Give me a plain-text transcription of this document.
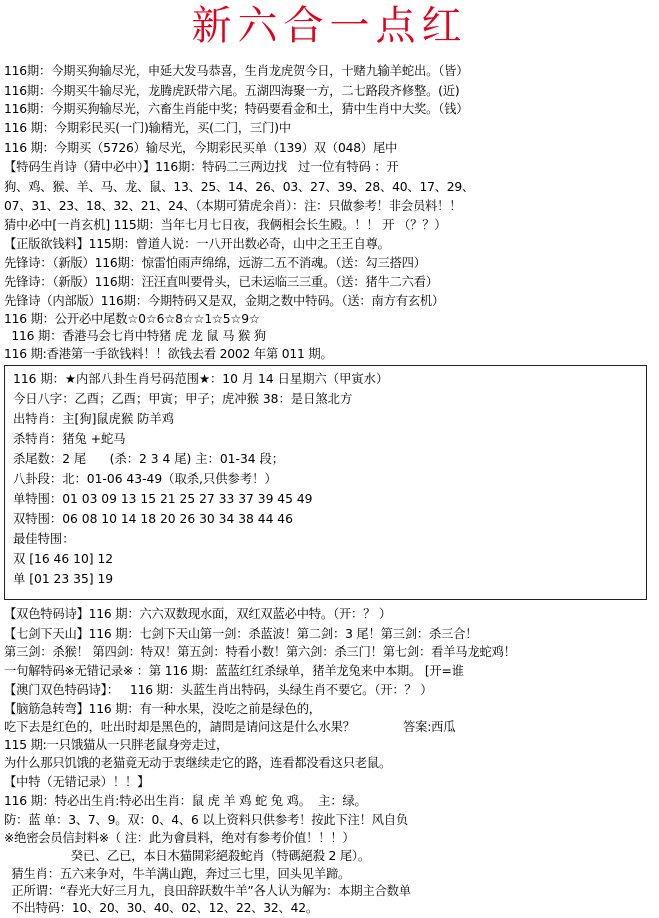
新六合一点红
116期：今期买狗输尽光，申延大发马恭喜，生肖龙虎贺今日，十赌九输羊蛇出。（皆）
116期：今期买牛输尽光，龙腾虎跃带六尾。五湖四海聚一方，二七路段齐修整。(近)
116期：今期买狗输尽光，六畜生肖能中奖；特码要看金和土，猜中生肖中大奖。（钱）
116 期：今期彩民买(一门)输精光，买(二门，三门)中
116 期：今期买（5726）输尽光，今期彩民买单（139）双（048）尾中
【特码生肖诗（猜中必中）】116期：特码二三两边找   过一位有特码 ：开
狗、鸡、猴、羊、马、龙、鼠、13、25、14、26、03、27、39、28、40、17、29、
07、31、23、18、32、21、24、（本期可猜虎余肖）：注：只做参考！非会员料！！
猜中必中[一肖玄机] 115期：当年七月七日夜，我俩相会长生殿。！！ 开 （？？）
【正版欲钱料】115期：曾道人说：一八开出数必奇，山中之王王自尊。
先锋诗：（新版）116期：惊雷怕雨声绵绵，远游二五不消魂。（送：勾三搭四）
先锋诗：（新版）116期：汪汪直叫要骨头，已未运临三三重。（送：猪牛二六看）
先锋诗（内部版）116期：今期特码又是双，金期之数中特码。（送：南方有玄机）
116 期：公开必中尾数☆0☆6☆8☆☆1☆5☆9☆
116 期：香港马会七肖中特猪 虎 龙 鼠 马 猴 狗
116 期:香港第一手欲钱料！！欲钱去看 2002 年第 011 期。
116 期：★内部八卦生肖号码范围★：10 月 14 日星期六（甲寅水）
今日八字：乙酉；乙酉；甲寅；甲子；虎冲猴 38：是日煞北方
出特肖：主[狗]鼠虎猴 防羊鸡
杀特肖：猪兔 +蛇马
杀尾数：2 尾      (杀：2 3 4 尾) 主：01-34 段；
八卦段：北：01-06 43-49（取杀,只供参考！）
单特围：01 03 09 13 15 21 25 27 33 37 39 45 49
双特围：06 08 10 14 18 20 26 30 34 38 44 46
最佳特围：
双 [16 46 10] 12
单 [01 23 35] 19
【双色特码诗】116 期：六六双数现水面，双红双蓝必中特。（开：？ ）
【七剑下天山】116 期：七剑下天山第一剑：杀蓝波！第二剑：3 尾！第三剑：杀三合！
第三剑：杀猴！ 第四剑：特双！第五剑：特看小数！第六剑：杀三门！第七剑：看羊马龙蛇鸡！
一句解特码※无错记录※ ：第 116 期：蓝蓝红红杀绿单，猪羊龙兔来中本期。 [开=谁
【澳门双色特码诗】：   116 期：头蓝生肖出特码，头绿生肖不要它。（开：？ ）
【脑筋急转弯】116 期：有一种水果，没吃之前是绿色的，
吃下去是红色的，吐出时却是黑色的，請問是请问这是什么水果？             答案:西瓜
115 期:一只饿猫从一只胖老鼠身旁走过，
为什么那只饥饿的老猫竟无动于衷继续走它的路，连看都没看这只老鼠。
【中特（无错记录）！！】
116 期：特必出生肖:特必出生肖：鼠 虎 羊 鸡 蛇 兔 鸡。  主：绿。
防：蓝 单：3、7、9。双：0、4、6 以上资料只供参考！按此下注！风自负
※绝密会员信封料※（ 注：此为會員料，绝对有参考价值！！！）
癸已、乙已，本日木猫開彩絕殺蛇肖（特碼絕殺 2 尾）。
猜生肖：五六来争对，牛羊满山跑，奔过三七里，回头见羊蹄。
正所谓：“春光大好三月九，良田辞跃数牛羊”各人认为解为：本期主合数单
不出特码：10、20、30、40、02、12、22、32、42。
